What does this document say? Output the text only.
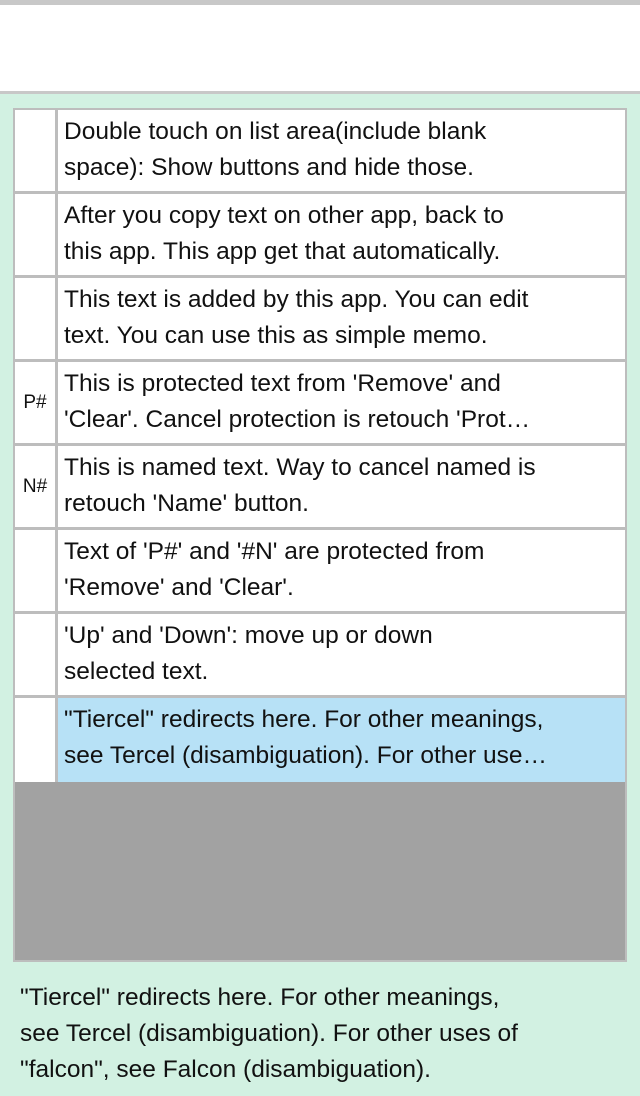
Double touch on list area(include blank
space): Show buttons and hide those.
After you copy text on other app, back to
this app. This app get that automatically.
This text is added by this app. You can edit
text. You can use this as simple memo.
P#
This is protected text from 'Remove' and
'Clear'. Cancel protection is retouch 'Prot…
N#
This is named text. Way to cancel named is
retouch 'Name' button.
Text of 'P#' and '#N' are protected from
'Remove' and 'Clear'.
'Up' and 'Down': move up or down
selected text.
"Tiercel" redirects here. For other meanings,
see Tercel (disambiguation). For other use…
"Tiercel" redirects here. For other meanings,
see Tercel (disambiguation). For other uses of
"falcon", see Falcon (disambiguation).
